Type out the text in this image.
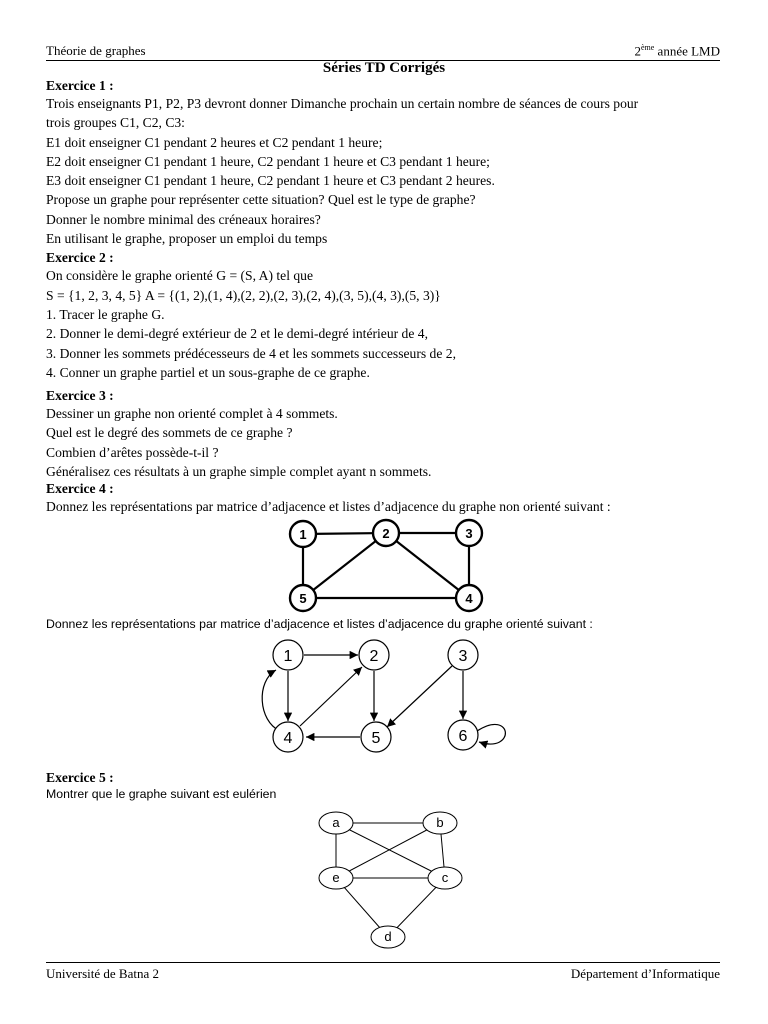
Théorie de graphes	2ème année LMD
Séries TD Corrigés
Exercice 1 :
Trois enseignants P1, P2, P3 devront donner Dimanche prochain un certain nombre de séances de cours pour
trois groupes C1, C2, C3:
E1 doit enseigner C1 pendant 2 heures et C2 pendant 1 heure;
E2 doit enseigner C1 pendant 1 heure, C2 pendant 1 heure et C3 pendant 1 heure;
E3 doit enseigner C1 pendant 1 heure, C2 pendant 1 heure et C3 pendant 2 heures.
Propose un graphe pour représenter cette situation? Quel est le type de graphe?
Donner le nombre minimal des créneaux horaires?
En utilisant le graphe, proposer un emploi du temps
Exercice 2 :
On considère le graphe orienté G = (S, A) tel que
S = {1, 2, 3, 4, 5} A = {(1, 2),(1, 4),(2, 2),(2, 3),(2, 4),(3, 5),(4, 3),(5, 3)}
1. Tracer le graphe G.
2. Donner le demi-degré extérieur de 2 et le demi-degré intérieur de 4,
3. Donner les sommets prédécesseurs de 4 et les sommets successeurs de 2,
4. Conner un graphe partiel et un sous-graphe de ce graphe.
Exercice 3 :
Dessiner un graphe non orienté complet à 4 sommets.
Quel est le degré des sommets de ce graphe ?
Combien d’arêtes possède-t-il ?
Généralisez ces résultats à un graphe simple complet ayant n sommets.
Exercice 4 :
Donnez les représentations par matrice d’adjacence et listes d’adjacence du graphe non orienté suivant :
1	2	3
4
5
Donnez les représentations par matrice d’adjacence et listes d’adjacence du graphe orienté suivant :
1	2	3
4	5	6
Exercice 5 :
Montrer que le graphe suivant est eulérien
a	b
c
d
e
Université de Batna 2	Département d’Informatique
